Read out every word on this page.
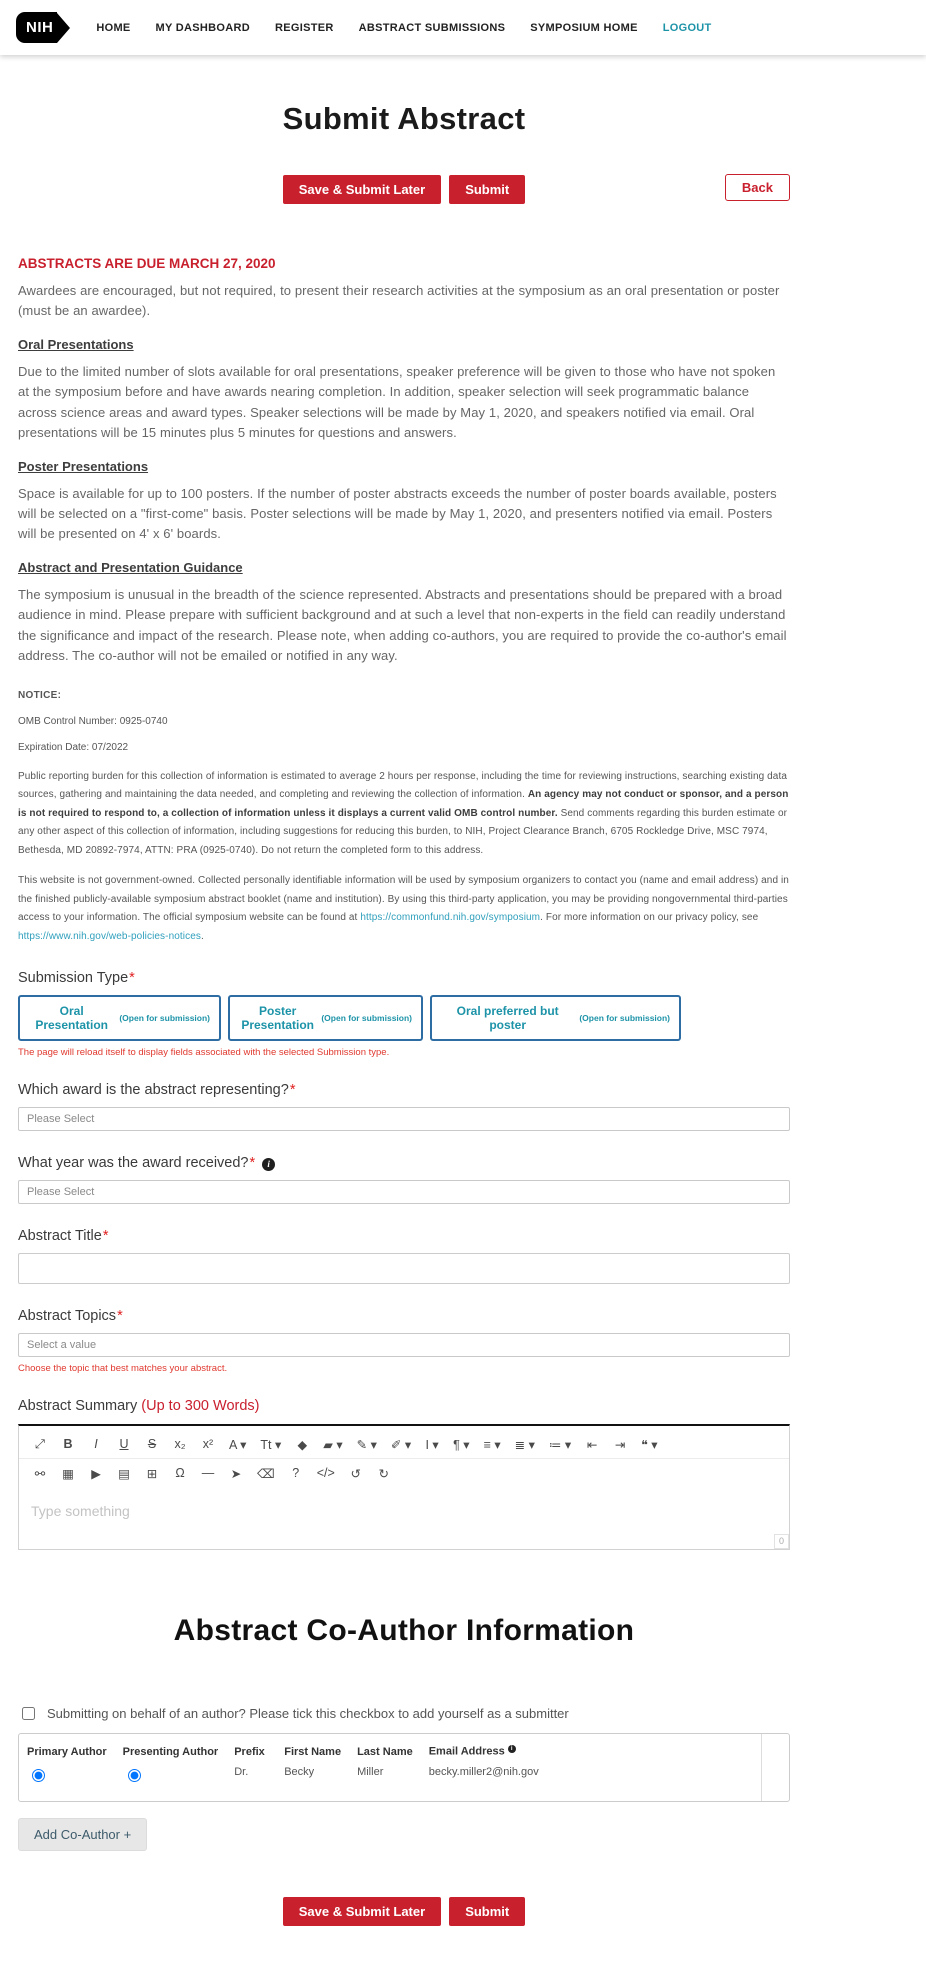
NIH	HOME MY DASHBOARD REGISTER ABSTRACT SUBMISSIONS SYMPOSIUM HOME LOGOUT
Submit Abstract
Save & Submit Later	Submit	Back
ABSTRACTS ARE DUE MARCH 27, 2020

Awardees are encouraged, but not required, to present their research activities at the symposium as an oral presentation or poster (must be an awardee).

Oral Presentations

Due to the limited number of slots available for oral presentations, speaker preference will be given to those who have not spoken at the symposium before and have awards nearing completion. In addition, speaker selection will seek programmatic balance across science areas and award types. Speaker selections will be made by May 1, 2020, and speakers notified via email. Oral presentations will be 15 minutes plus 5 minutes for questions and answers.

Poster Presentations

Space is available for up to 100 posters. If the number of poster abstracts exceeds the number of poster boards available, posters will be selected on a "first-come" basis. Poster selections will be made by May 1, 2020, and presenters notified via email. Posters will be presented on 4' x 6' boards.

Abstract and Presentation Guidance

The symposium is unusual in the breadth of the science represented. Abstracts and presentations should be prepared with a broad audience in mind. Please prepare with sufficient background and at such a level that non-experts in the field can readily understand the significance and impact of the research. Please note, when adding co-authors, you are required to provide the co-author's email address. The co-author will not be emailed or notified in any way.

NOTICE:
OMB Control Number: 0925-0740
Expiration Date: 07/2022

Public reporting burden for this collection of information is estimated to average 2 hours per response, including the time for reviewing instructions, searching existing data sources, gathering and maintaining the data needed, and completing and reviewing the collection of information. An agency may not conduct or sponsor, and a person is not required to respond to, a collection of information unless it displays a current valid OMB control number. Send comments regarding this burden estimate or any other aspect of this collection of information, including suggestions for reducing this burden, to NIH, Project Clearance Branch, 6705 Rockledge Drive, MSC 7974, Bethesda, MD 20892-7974, ATTN: PRA (0925-0740). Do not return the completed form to this address.

This website is not government-owned. Collected personally identifiable information will be used by symposium organizers to contact you (name and email address) and in the finished publicly-available symposium abstract booklet (name and institution). By using this third-party application, you may be providing nongovernmental third-parties access to your information. The official symposium website can be found at https://commonfund.nih.gov/symposium. For more information on our privacy policy, see https://www.nih.gov/web-policies-notices.

Submission Type*
Oral Presentation	(Open for submission)	Poster Presentation (Open for submission)	Oral preferred but poster	(Open for submission)
The page will reload itself to display fields associated with the selected Submission type.
Which award is the abstract representing?*
Please Select
What year was the award received?* i
Please Select
Abstract Title*
Abstract Topics*
Select a value
Choose the topic that best matches your abstract.
Abstract Summary (Up to 300 Words)
⤢	B	I	U	S	x₂	x²	A ▾	Tt ▾	◆	▰ ▾	✎ ▾	✐ ▾	I ▾	¶ ▾	≡ ▾	≣ ▾	≔ ▾	⇤	⇥	❝ ▾
⚯	▦	▶	▤	⊞	Ω	—	➤	⌫	?	</>	↺	↻
Type something
0
Abstract Co-Author Information
Submitting on behalf of an author? Please tick this checkbox to add yourself as a submitter
Primary Author	Presenting Author	Prefix	First Name	Last Name	Email Address i
		Dr.	Becky	Miller	becky.miller2@nih.gov
Add Co-Author +
Save & Submit Later	Submit
